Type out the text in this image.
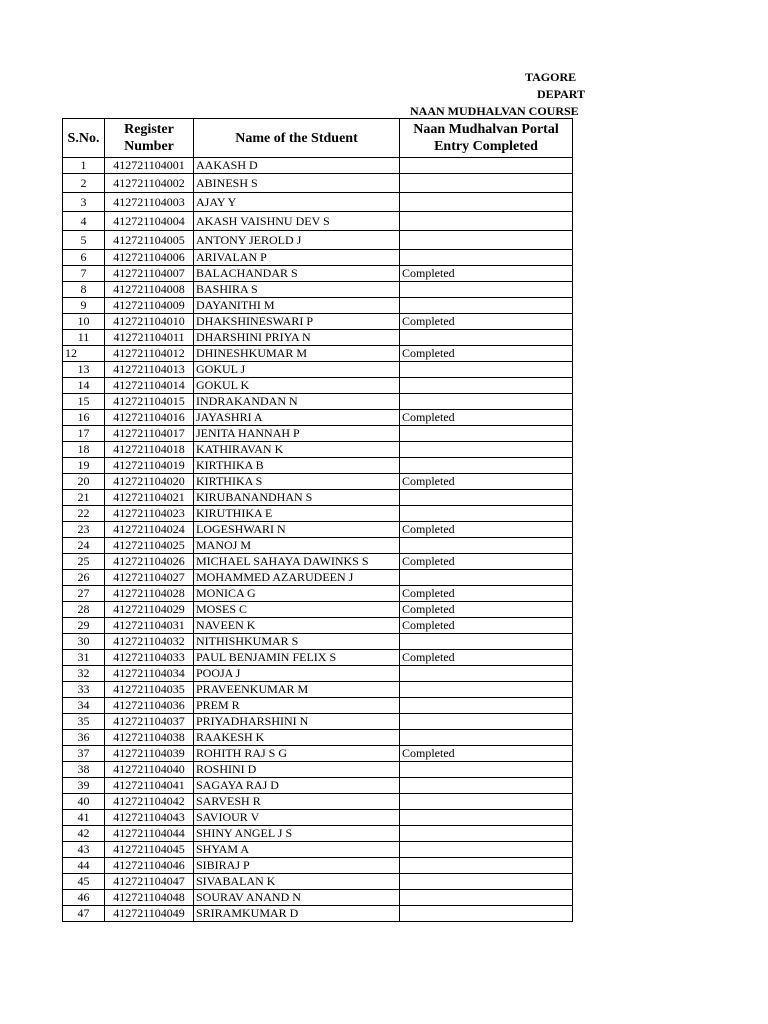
TAGORE
DEPART
NAAN MUDHALVAN COURSE
S.No.	Register Number	Name of the Stduent	Naan Mudhalvan Portal Entry Completed
1	412721104001	AAKASH D	
2	412721104002	ABINESH S	
3	412721104003	AJAY Y	
4	412721104004	AKASH VAISHNU DEV S	
5	412721104005	ANTONY JEROLD J	
6	412721104006	ARIVALAN P	
7	412721104007	BALACHANDAR S	Completed
8	412721104008	BASHIRA S	
9	412721104009	DAYANITHI M	
10	412721104010	DHAKSHINESWARI P	Completed
11	412721104011	DHARSHINI PRIYA N	
12	412721104012	DHINESHKUMAR M	Completed
13	412721104013	GOKUL J	
14	412721104014	GOKUL K	
15	412721104015	INDRAKANDAN N	
16	412721104016	JAYASHRI A	Completed
17	412721104017	JENITA HANNAH P	
18	412721104018	KATHIRAVAN K	
19	412721104019	KIRTHIKA B	
20	412721104020	KIRTHIKA S	Completed
21	412721104021	KIRUBANANDHAN S	
22	412721104023	KIRUTHIKA E	
23	412721104024	LOGESHWARI N	Completed
24	412721104025	MANOJ M	
25	412721104026	MICHAEL SAHAYA DAWINKS S	Completed
26	412721104027	MOHAMMED AZARUDEEN J	
27	412721104028	MONICA G	Completed
28	412721104029	MOSES C	Completed
29	412721104031	NAVEEN K	Completed
30	412721104032	NITHISHKUMAR S	
31	412721104033	PAUL BENJAMIN FELIX S	Completed
32	412721104034	POOJA J	
33	412721104035	PRAVEENKUMAR M	
34	412721104036	PREM R	
35	412721104037	PRIYADHARSHINI N	
36	412721104038	RAAKESH K	
37	412721104039	ROHITH RAJ S G	Completed
38	412721104040	ROSHINI D	
39	412721104041	SAGAYA RAJ D	
40	412721104042	SARVESH R	
41	412721104043	SAVIOUR V	
42	412721104044	SHINY ANGEL J S	
43	412721104045	SHYAM A	
44	412721104046	SIBIRAJ P	
45	412721104047	SIVABALAN K	
46	412721104048	SOURAV ANAND N	
47	412721104049	SRIRAMKUMAR D	
